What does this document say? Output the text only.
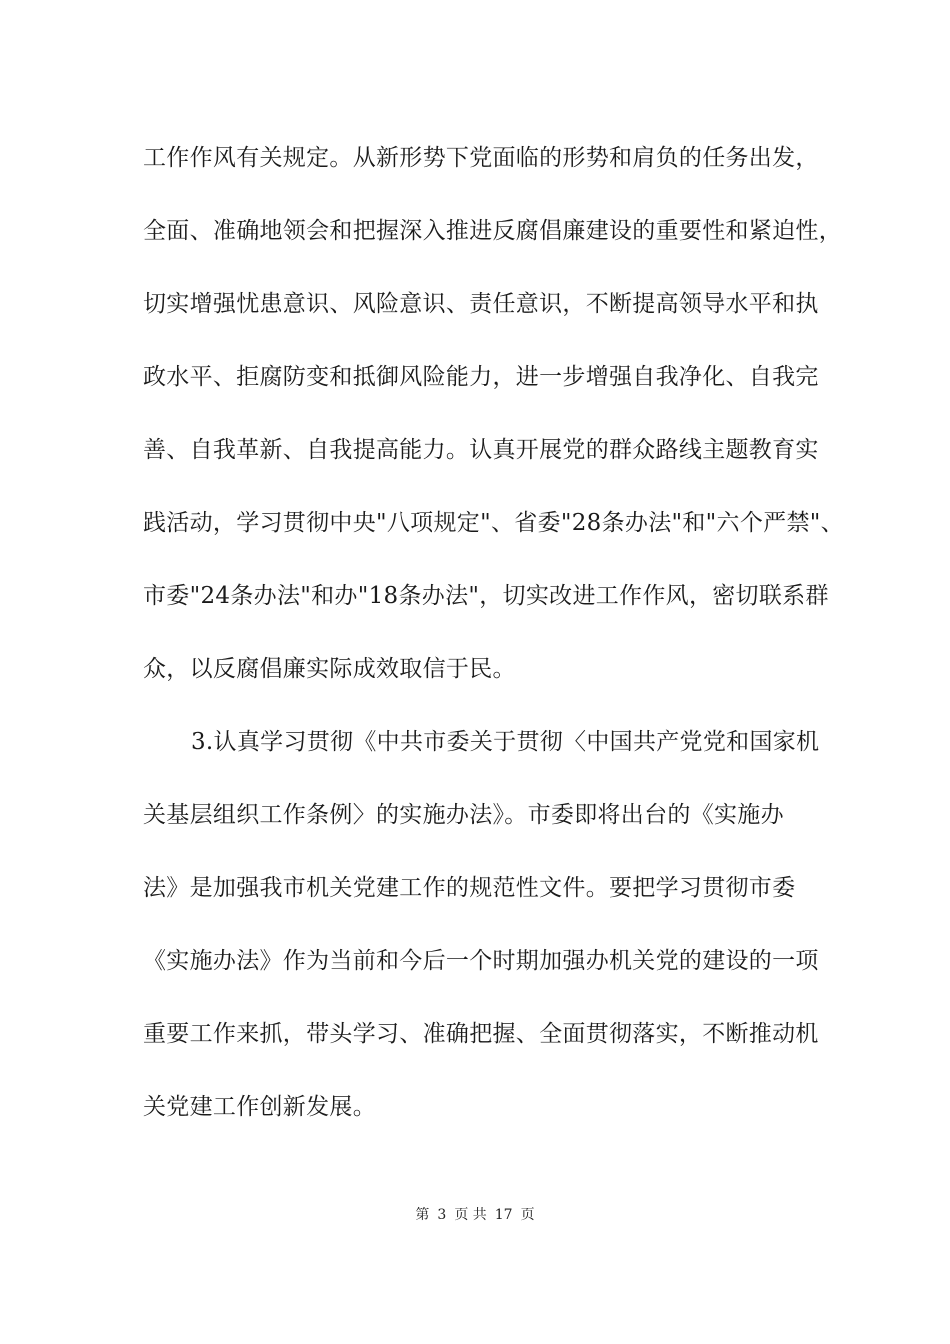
工作作风有关规定。从新形势下党面临的形势和肩负的任务出发，
全面、准确地领会和把握深入推进反腐倡廉建设的重要性和紧迫性，
切实增强忧患意识、风险意识、责任意识，不断提高领导水平和执
政水平、拒腐防变和抵御风险能力，进一步增强自我净化、自我完
善、自我革新、自我提高能力。认真开展党的群众路线主题教育实
践活动，学习贯彻中央"八项规定"、省委"28条办法"和"六个严禁"、
市委"24条办法"和办"18条办法"，切实改进工作作风，密切联系群
众，以反腐倡廉实际成效取信于民。
3.认真学习贯彻《中共市委关于贯彻〈中国共产党党和国家机
关基层组织工作条例〉的实施办法》。市委即将出台的《实施办
法》是加强我市机关党建工作的规范性文件。要把学习贯彻市委
《实施办法》作为当前和今后一个时期加强办机关党的建设的一项
重要工作来抓，带头学习、准确把握、全面贯彻落实，不断推动机
关党建工作创新发展。
第 3 页 共 17 页
